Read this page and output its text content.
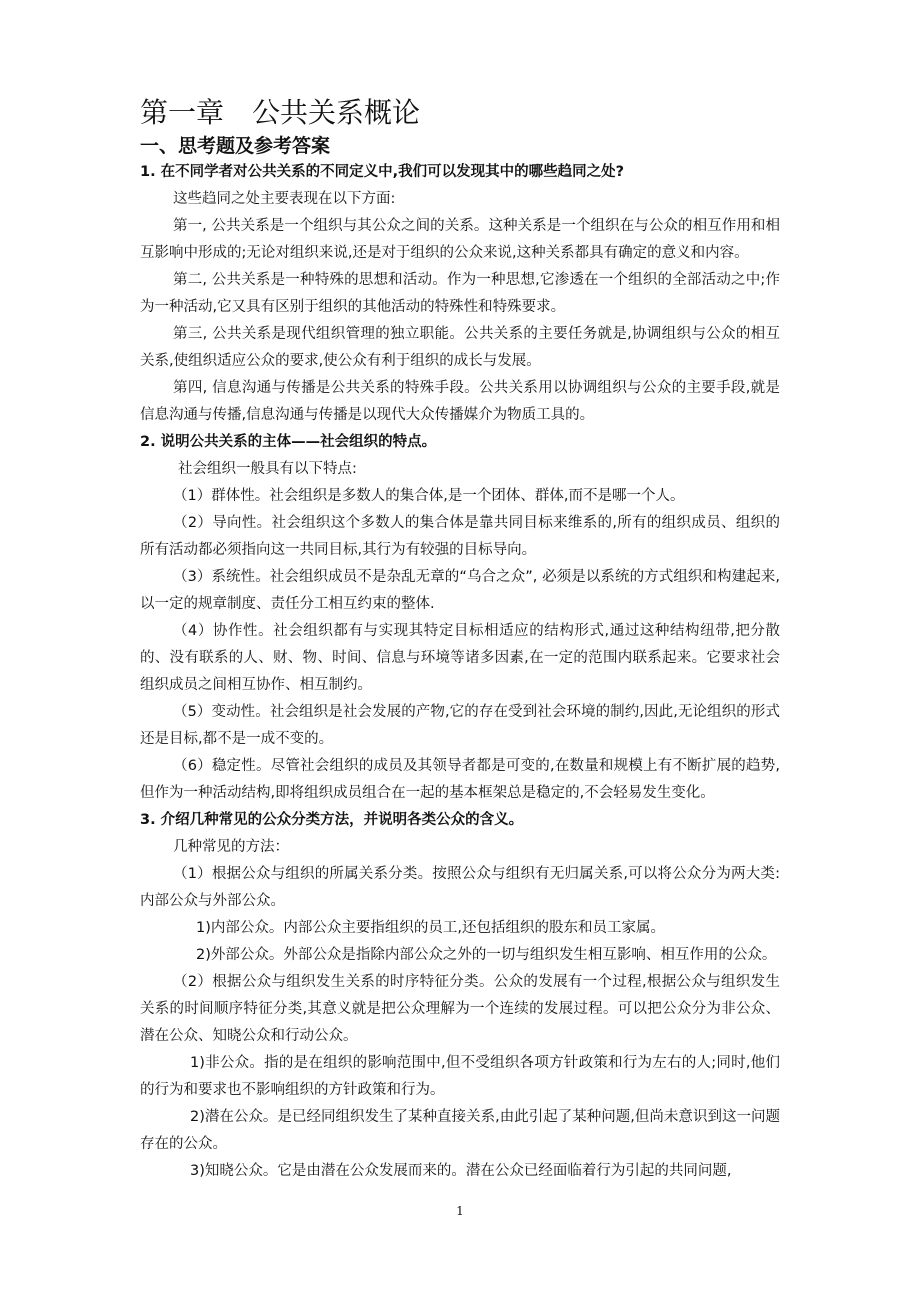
第一章　公共关系概论
一、思考题及参考答案

1. 在不同学者对公共关系的不同定义中,我们可以发现其中的哪些趋同之处?

这些趋同之处主要表现在以下方面:

第一, 公共关系是一个组织与其公众之间的关系。这种关系是一个组织在与公众的相互作用和相互影响中形成的;无论对组织来说,还是对于组织的公众来说,这种关系都具有确定的意义和内容。

第二, 公共关系是一种特殊的思想和活动。作为一种思想,它渗透在一个组织的全部活动之中;作为一种活动,它又具有区别于组织的其他活动的特殊性和特殊要求。

第三, 公共关系是现代组织管理的独立职能。公共关系的主要任务就是,协调组织与公众的相互关系,使组织适应公众的要求,使公众有利于组织的成长与发展。

第四, 信息沟通与传播是公共关系的特殊手段。公共关系用以协调组织与公众的主要手段,就是信息沟通与传播,信息沟通与传播是以现代大众传播媒介为物质工具的。

2. 说明公共关系的主体——社会组织的特点。

社会组织一般具有以下特点:

（1）群体性。社会组织是多数人的集合体,是一个团体、群体,而不是哪一个人。

（2）导向性。社会组织这个多数人的集合体是靠共同目标来维系的,所有的组织成员、组织的所有活动都必须指向这一共同目标,其行为有较强的目标导向。

（3）系统性。社会组织成员不是杂乱无章的“乌合之众”, 必须是以系统的方式组织和构建起来, 以一定的规章制度、责任分工相互约束的整体.

（4）协作性。社会组织都有与实现其特定目标相适应的结构形式,通过这种结构纽带,把分散的、没有联系的人、财、物、时间、信息与环境等诸多因素,在一定的范围内联系起来。它要求社会组织成员之间相互协作、相互制约。

（5）变动性。社会组织是社会发展的产物,它的存在受到社会环境的制约,因此,无论组织的形式还是目标,都不是一成不变的。

（6）稳定性。尽管社会组织的成员及其领导者都是可变的,在数量和规模上有不断扩展的趋势,但作为一种活动结构,即将组织成员组合在一起的基本框架总是稳定的,不会轻易发生变化。

3. 介绍几种常见的公众分类方法，并说明各类公众的含义。

几种常见的方法：

（1）根据公众与组织的所属关系分类。按照公众与组织有无归属关系,可以将公众分为两大类:内部公众与外部公众。

1)内部公众。内部公众主要指组织的员工,还包括组织的股东和员工家属。

2)外部公众。外部公众是指除内部公众之外的一切与组织发生相互影响、相互作用的公众。

（2）根据公众与组织发生关系的时序特征分类。公众的发展有一个过程,根据公众与组织发生关系的时间顺序特征分类,其意义就是把公众理解为一个连续的发展过程。可以把公众分为非公众、潜在公众、知晓公众和行动公众。

1)非公众。指的是在组织的影响范围中,但不受组织各项方针政策和行为左右的人;同时,他们的行为和要求也不影响组织的方针政策和行为。

2)潜在公众。是已经同组织发生了某种直接关系,由此引起了某种问题,但尚未意识到这一问题存在的公众。

3)知晓公众。它是由潜在公众发展而来的。潜在公众已经面临着行为引起的共同问题,

1
